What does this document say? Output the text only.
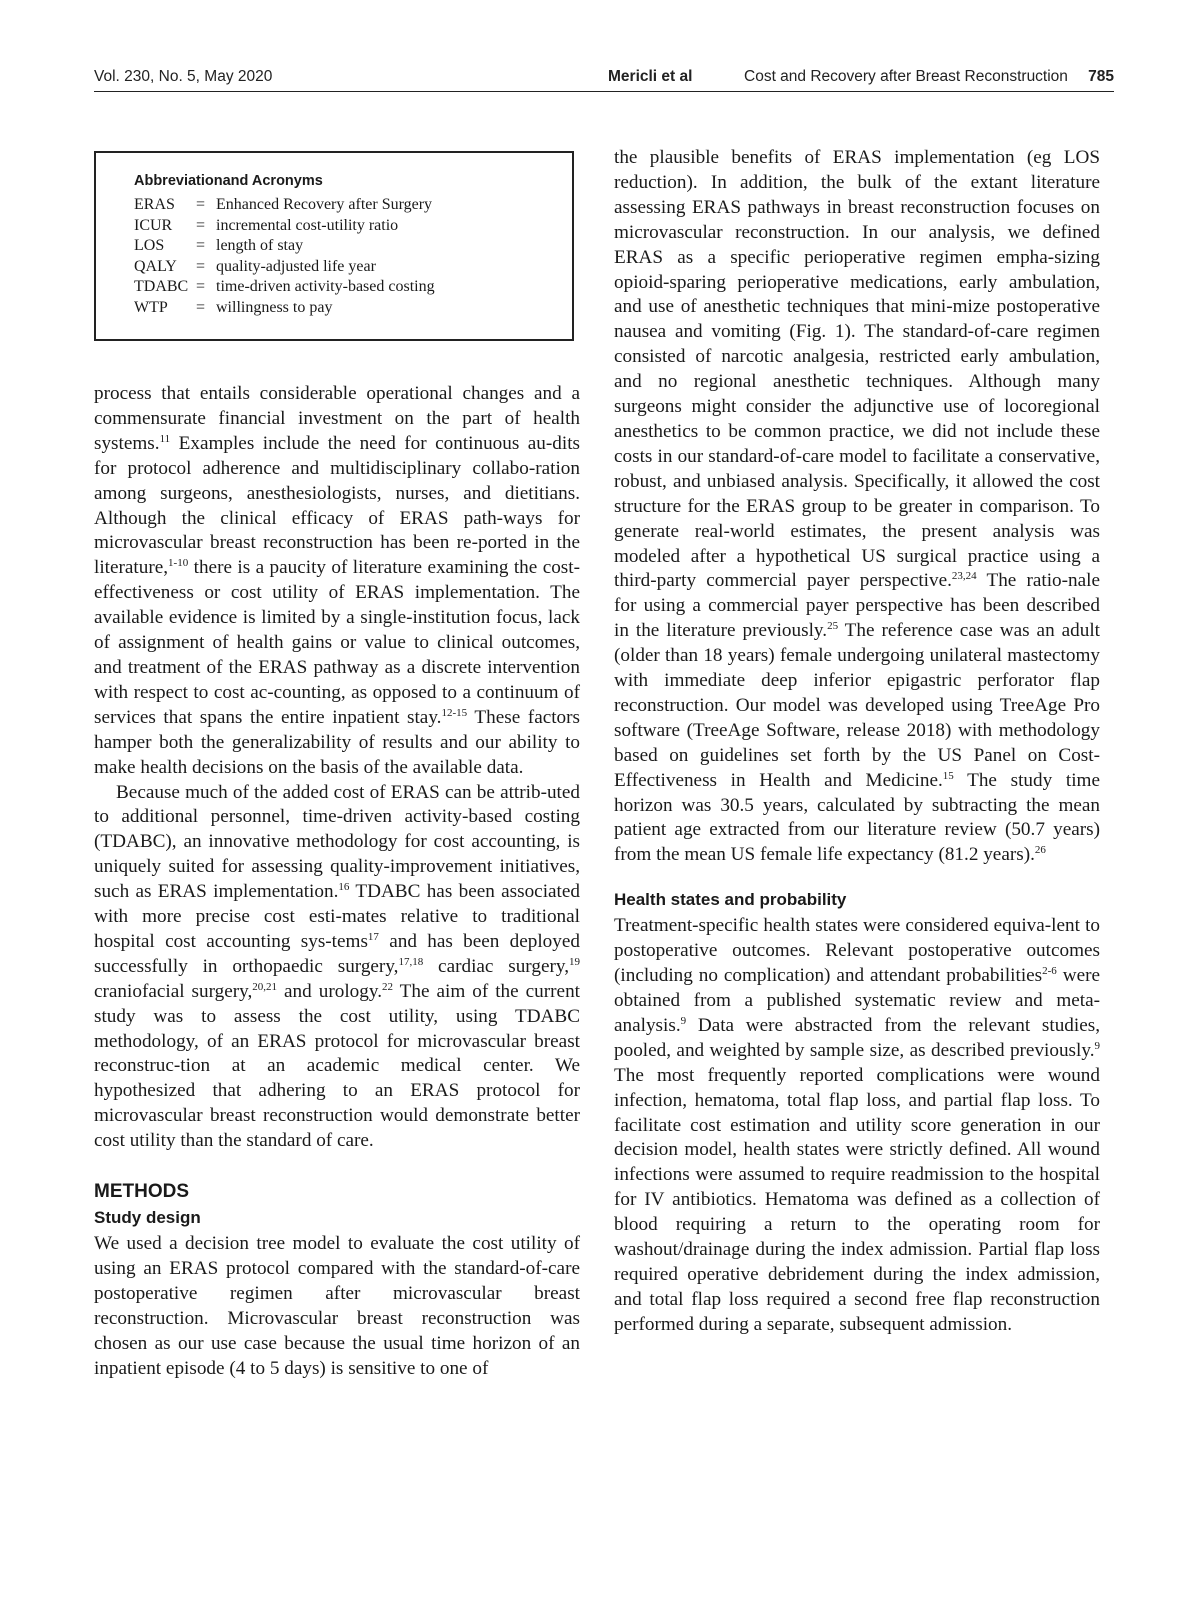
Vol. 230, No. 5, May 2020	Mericli et al	Cost and Recovery after Breast Reconstruction 785
Abbreviationand Acronyms
ERAS = Enhanced Recovery after Surgery
ICUR = incremental cost-utility ratio
LOS = length of stay
QALY = quality-adjusted life year
TDABC = time-driven activity-based costing
WTP = willingness to pay

process that entails considerable operational changes and a commensurate financial investment on the part of health systems.$^{11}$ Examples include the need for continuous au-dits for protocol adherence and multidisciplinary collabo-ration among surgeons, anesthesiologists, nurses, and dietitians. Although the clinical efficacy of ERAS path-ways for microvascular breast reconstruction has been re-ported in the literature,$^{1-10}$ there is a paucity of literature examining the cost-effectiveness or cost utility of ERAS implementation. The available evidence is limited by a single-institution focus, lack of assignment of health gains or value to clinical outcomes, and treatment of the ERAS pathway as a discrete intervention with respect to cost ac-counting, as opposed to a continuum of services that spans the entire inpatient stay.$^{12-15}$ These factors hamper both the generalizability of results and our ability to make health decisions on the basis of the available data.

Because much of the added cost of ERAS can be attrib-uted to additional personnel, time-driven activity-based costing (TDABC), an innovative methodology for cost accounting, is uniquely suited for assessing quality-improvement initiatives, such as ERAS implementation.$^{16}$ TDABC has been associated with more precise cost esti-mates relative to traditional hospital cost accounting sys-tems$^{17}$ and has been deployed successfully in orthopaedic surgery,$^{17,18}$ cardiac surgery,$^{19}$ craniofacial surgery,$^{20,21}$ and urology.$^{22}$ The aim of the current study was to assess the cost utility, using TDABC methodology, of an ERAS protocol for microvascular breast reconstruc-tion at an academic medical center. We hypothesized that adhering to an ERAS protocol for microvascular breast reconstruction would demonstrate better cost utility than the standard of care.

METHODS
Study design

We used a decision tree model to evaluate the cost utility of using an ERAS protocol compared with the standard-of-care postoperative regimen after microvascular breast reconstruction. Microvascular breast reconstruction was chosen as our use case because the usual time horizon of an inpatient episode (4 to 5 days) is sensitive to one of

the plausible benefits of ERAS implementation (eg LOS reduction). In addition, the bulk of the extant literature assessing ERAS pathways in breast reconstruction focuses on microvascular reconstruction. In our analysis, we defined ERAS as a specific perioperative regimen empha-sizing opioid-sparing perioperative medications, early ambulation, and use of anesthetic techniques that mini-mize postoperative nausea and vomiting (Fig. 1). The standard-of-care regimen consisted of narcotic analgesia, restricted early ambulation, and no regional anesthetic techniques. Although many surgeons might consider the adjunctive use of locoregional anesthetics to be common practice, we did not include these costs in our standard-of-care model to facilitate a conservative, robust, and unbiased analysis. Specifically, it allowed the cost structure for the ERAS group to be greater in comparison. To generate real-world estimates, the present analysis was modeled after a hypothetical US surgical practice using a third-party commercial payer perspective.$^{23,24}$ The ratio-nale for using a commercial payer perspective has been described in the literature previously.$^{25}$ The reference case was an adult (older than 18 years) female undergoing unilateral mastectomy with immediate deep inferior epigastric perforator flap reconstruction. Our model was developed using TreeAge Pro software (TreeAge Software, release 2018) with methodology based on guidelines set forth by the US Panel on Cost-Effectiveness in Health and Medicine.$^{15}$ The study time horizon was 30.5 years, calculated by subtracting the mean patient age extracted from our literature review (50.7 years) from the mean US female life expectancy (81.2 years).$^{26}$

Health states and probability

Treatment-specific health states were considered equiva-lent to postoperative outcomes. Relevant postoperative outcomes (including no complication) and attendant probabilities$^{2-6}$ were obtained from a published systematic review and meta-analysis.$^9$ Data were abstracted from the relevant studies, pooled, and weighted by sample size, as described previously.$^9$ The most frequently reported complications were wound infection, hematoma, total flap loss, and partial flap loss. To facilitate cost estimation and utility score generation in our decision model, health states were strictly defined. All wound infections were assumed to require readmission to the hospital for IV antibiotics. Hematoma was defined as a collection of blood requiring a return to the operating room for washout/drainage during the index admission. Partial flap loss required operative debridement during the index admission, and total flap loss required a second free flap reconstruction performed during a separate, subsequent admission.
